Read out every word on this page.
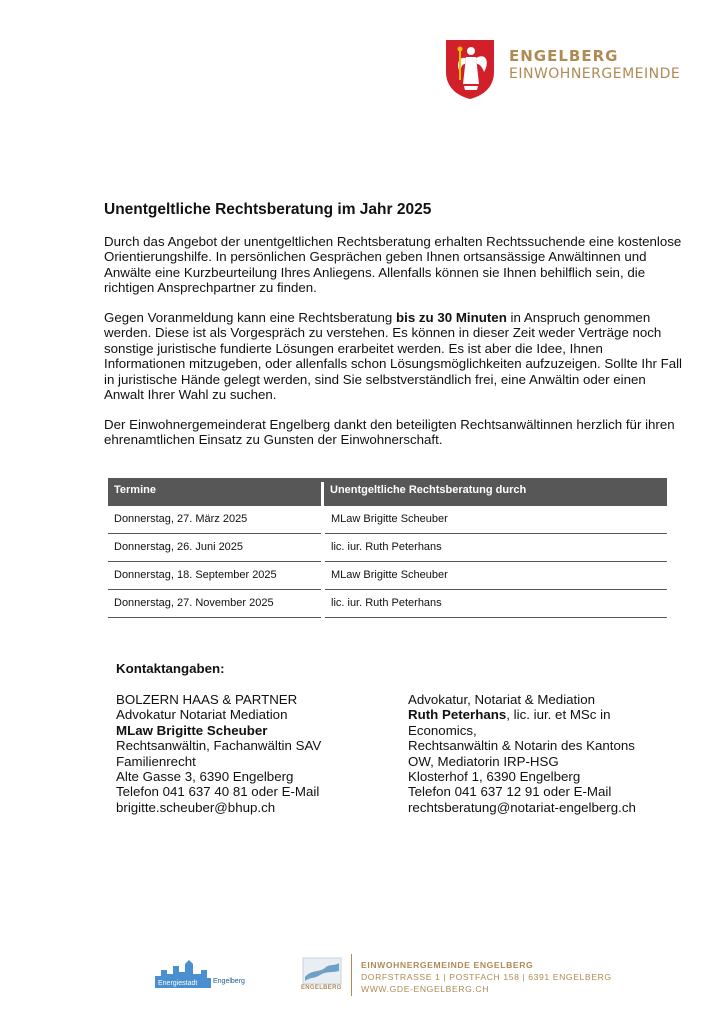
ENGELBERG
EINWOHNERGEMEINDE
Unentgeltliche Rechtsberatung im Jahr 2025
Durch das Angebot der unentgeltlichen Rechtsberatung erhalten Rechtssuchende eine kostenlose Orientierungshilfe. In persönlichen Gesprächen geben Ihnen ortsansässige Anwältinnen und Anwälte eine Kurzbeurteilung Ihres Anliegens. Allenfalls können sie Ihnen behilflich sein, die richtigen Ansprechpartner zu finden.
Gegen Voranmeldung kann eine Rechtsberatung bis zu 30 Minuten in Anspruch genommen werden. Diese ist als Vorgespräch zu verstehen. Es können in dieser Zeit weder Verträge noch sonstige juristische fundierte Lösungen erarbeitet werden. Es ist aber die Idee, Ihnen Informationen mitzugeben, oder allenfalls schon Lösungsmöglichkeiten aufzuzeigen. Sollte Ihr Fall in juristische Hände gelegt werden, sind Sie selbstverständlich frei, eine Anwältin oder einen Anwalt Ihrer Wahl zu suchen.
Der Einwohnergemeinderat Engelberg dankt den beteiligten Rechtsanwältinnen herzlich für ihren ehrenamtlichen Einsatz zu Gunsten der Einwohnerschaft.
Termine	Unentgeltliche Rechtsberatung durch
Donnerstag, 27. März 2025	MLaw Brigitte Scheuber
Donnerstag, 26. Juni 2025	lic. iur. Ruth Peterhans
Donnerstag, 18. September 2025	MLaw Brigitte Scheuber
Donnerstag, 27. November 2025	lic. iur. Ruth Peterhans
Kontaktangaben:
BOLZERN HAAS & PARTNER
Advokatur Notariat Mediation
MLaw Brigitte Scheuber
Rechtsanwältin, Fachanwältin SAV
Familienrecht
Alte Gasse 3, 6390 Engelberg
Telefon 041 637 40 81 oder E-Mail
brigitte.scheuber@bhup.ch
Advokatur, Notariat & Mediation
Ruth Peterhans, lic. iur. et MSc in
Economics,
Rechtsanwältin & Notarin des Kantons
OW, Mediatorin IRP-HSG
Klosterhof 1, 6390 Engelberg
Telefon 041 637 12 91 oder E-Mail
rechtsberatung@notariat-engelberg.ch
Energiestadt Engelberg
ENGELBERG
EINWOHNERGEMEINDE ENGELBERG
DORFSTRASSE 1 | POSTFACH 158 | 6391 ENGELBERG
WWW.GDE-ENGELBERG.CH
